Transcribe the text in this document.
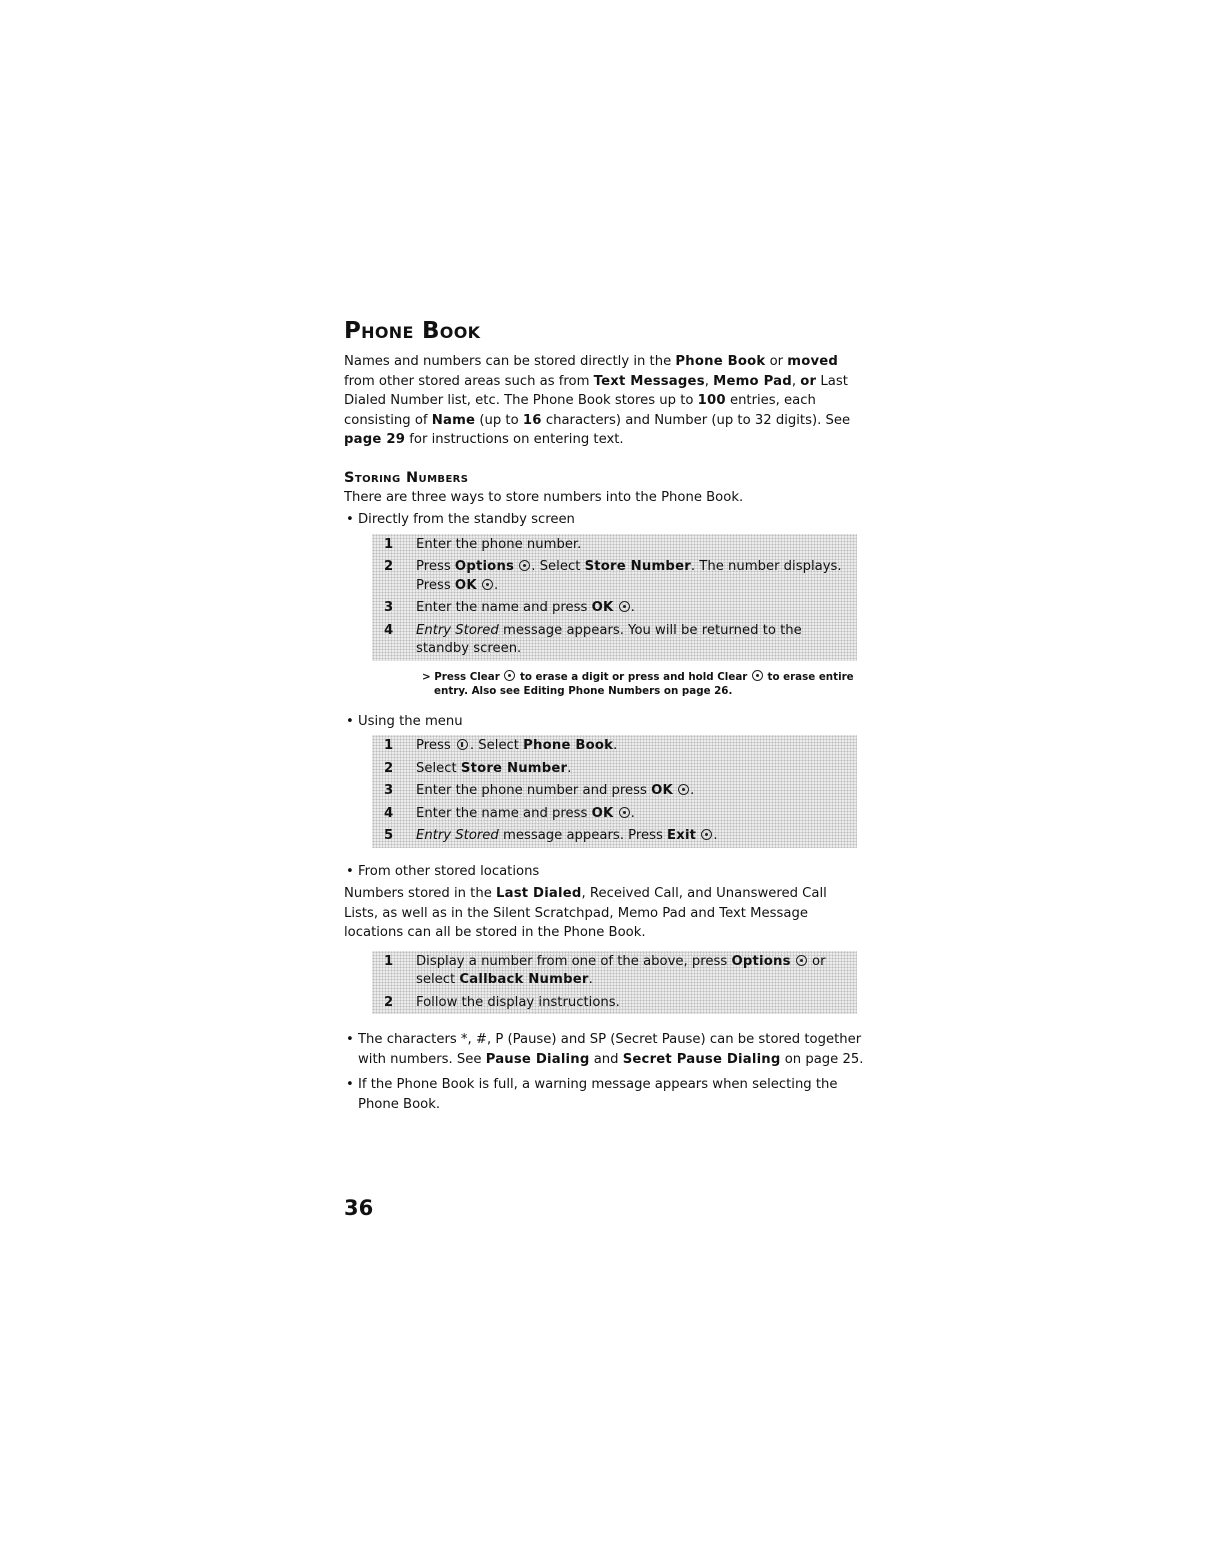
Phone Book

Names and numbers can be stored directly in the Phone Book or moved from other stored areas such as from Text Messages, Memo Pad, or Last Dialed Number list, etc. The Phone Book stores up to 100 entries, each consisting of Name (up to 16 characters) and Number (up to 32 digits). See page 29 for instructions on entering text.

Storing Numbers

There are three ways to store numbers into the Phone Book.

• Directly from the standby screen

1	Enter the phone number.
2	Press Options . Select Store Number. The number displays. Press OK .
3	Enter the name and press OK .
4	Entry Stored message appears. You will be returned to the standby screen.

> Press Clear  to erase a digit or press and hold Clear  to erase entire entry. Also see Editing Phone Numbers on page 26.

• Using the menu

1	Press . Select Phone Book.
2	Select Store Number.
3	Enter the phone number and press OK .
4	Enter the name and press OK .
5	Entry Stored message appears. Press Exit .

• From other stored locations

Numbers stored in the Last Dialed, Received Call, and Unanswered Call Lists, as well as in the Silent Scratchpad, Memo Pad and Text Message locations can all be stored in the Phone Book.

1	Display a number from one of the above, press Options  or select Callback Number.
2	Follow the display instructions.

• The characters *, #, P (Pause) and SP (Secret Pause) can be stored together with numbers. See Pause Dialing and Secret Pause Dialing on page 25.

• If the Phone Book is full, a warning message appears when selecting the Phone Book.

36
